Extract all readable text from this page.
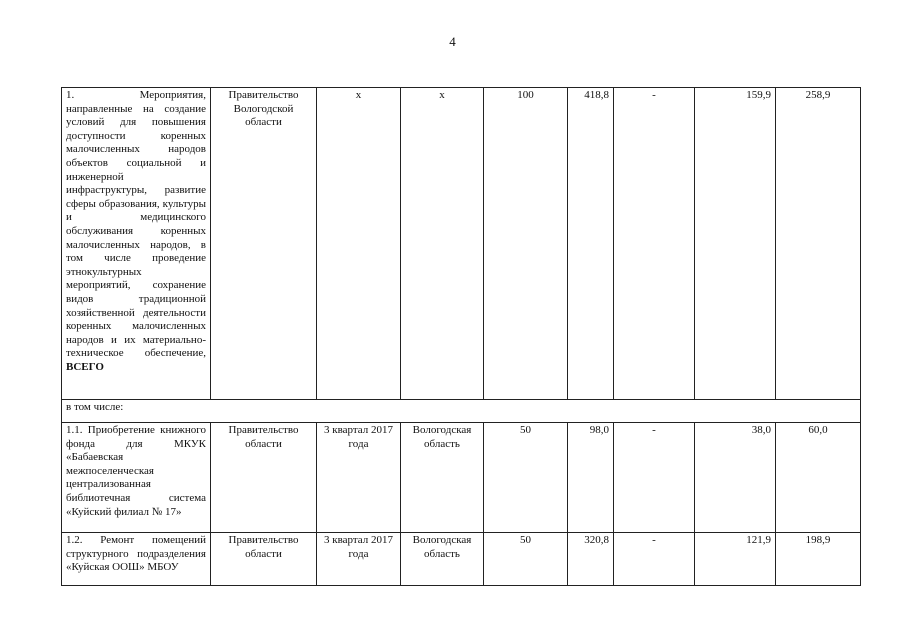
4
1. Мероприятия, направленные на создание условий для повышения доступности коренных малочисленных народов объектов социальной и инженерной инфраструктуры, развитие сферы образования, культуры и медицинского обслуживания коренных малочисленных народов, в том числе проведение этнокультурных мероприятий, сохранение видов традиционной хозяйственной деятельности коренных малочисленных народов и их материально-техническое обеспечение, ВСЕГО	Правительство Вологодской области	х	х	100	418,8	-	159,9	258,9
в том числе:								
1.1. Приобретение книжного фонда для МКУК «Бабаевская межпоселенческая централизованная библиотечная система «Куйский филиал № 17»	Правительство области	3 квартал 2017 года	Вологодская область	50	98,0	-	38,0	60,0
1.2. Ремонт помещений структурного подразделения «Куйская ООШ» МБОУ	Правительство области	3 квартал 2017 года	Вологодская область	50	320,8	-	121,9	198,9
